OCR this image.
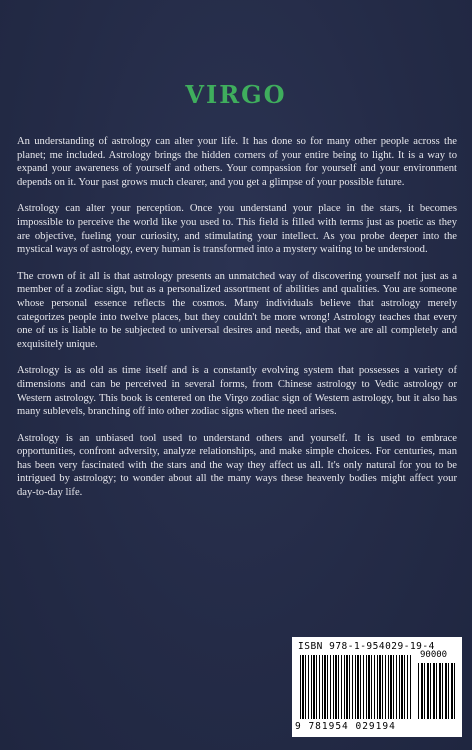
VIRGO

An understanding of astrology can alter your life. It has done so for many other people across the planet; me included. Astrology brings the hidden corners of your entire being to light. It is a way to expand your awareness of yourself and others. Your compassion for yourself and your environment depends on it. Your past grows much clearer, and you get a glimpse of your possible future.

Astrology can alter your perception. Once you understand your place in the stars, it becomes impossible to perceive the world like you used to. This field is filled with terms just as poetic as they are objective, fueling your curiosity, and stimulating your intellect. As you probe deeper into the mystical ways of astrology, every human is transformed into a mystery waiting to be understood.

The crown of it all is that astrology presents an unmatched way of discovering yourself not just as a member of a zodiac sign, but as a personalized assortment of abilities and qualities. You are someone whose personal essence reflects the cosmos. Many individuals believe that astrology merely categorizes people into twelve places, but they couldn't be more wrong! Astrology teaches that every one of us is liable to be subjected to universal desires and needs, and that we are all completely and exquisitely unique.

Astrology is as old as time itself and is a constantly evolving system that possesses a variety of dimensions and can be perceived in several forms, from Chinese astrology to Vedic astrology or Western astrology. This book is centered on the Virgo zodiac sign of Western astrology, but it also has many sublevels, branching off into other zodiac signs when the need arises.

Astrology is an unbiased tool used to understand others and yourself. It is used to embrace opportunities, confront adversity, analyze relationships, and make simple choices. For centuries, man has been very fascinated with the stars and the way they affect us all. It's only natural for you to be intrigued by astrology; to wonder about all the many ways these heavenly bodies might affect your day-to-day life.

ISBN 978-1-954029-19-4
90000
9 781954 029194
